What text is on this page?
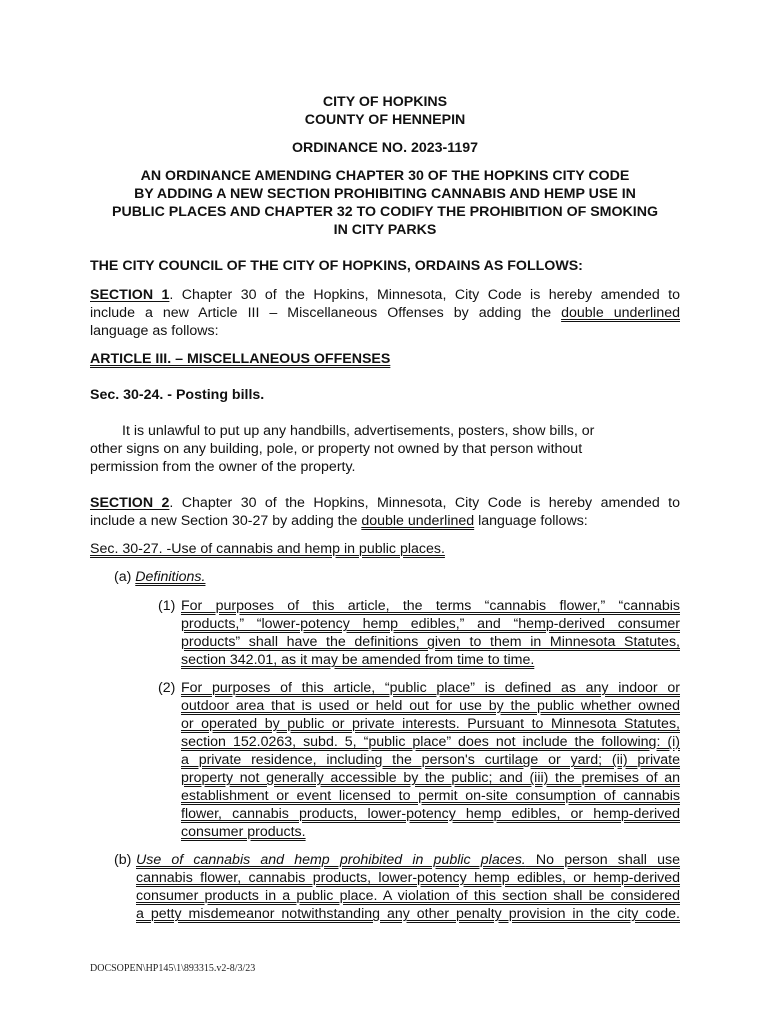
CITY OF HOPKINS
COUNTY OF HENNEPIN
ORDINANCE NO. 2023-1197
AN ORDINANCE AMENDING CHAPTER 30 OF THE HOPKINS CITY CODE
BY ADDING A NEW SECTION PROHIBITING CANNABIS AND HEMP USE IN
PUBLIC PLACES AND CHAPTER 32 TO CODIFY THE PROHIBITION OF SMOKING
IN CITY PARKS
THE CITY COUNCIL OF THE CITY OF HOPKINS, ORDAINS AS FOLLOWS:
SECTION 1. Chapter 30 of the Hopkins, Minnesota, City Code is hereby amended to
include a new Article III – Miscellaneous Offenses by adding the double underlined
language as follows:
ARTICLE III. – MISCELLANEOUS OFFENSES
Sec. 30-24. - Posting bills.
It is unlawful to put up any handbills, advertisements, posters, show bills, or
other signs on any building, pole, or property not owned by that person without
permission from the owner of the property.
SECTION 2. Chapter 30 of the Hopkins, Minnesota, City Code is hereby amended to
include a new Section 30-27 by adding the double underlined language follows:
Sec. 30-27. -Use of cannabis and hemp in public places.
(a) Definitions.
(1) For purposes of this article, the terms “cannabis flower,” “cannabis
products,” “lower-potency hemp edibles,” and “hemp-derived consumer
products” shall have the definitions given to them in Minnesota Statutes,
section 342.01, as it may be amended from time to time.
(2) For purposes of this article, “public place” is defined as any indoor or
outdoor area that is used or held out for use by the public whether owned
or operated by public or private interests. Pursuant to Minnesota Statutes,
section 152.0263, subd. 5, “public place” does not include the following: (i)
a private residence, including the person's curtilage or yard; (ii) private
property not generally accessible by the public; and (iii) the premises of an
establishment or event licensed to permit on-site consumption of cannabis
flower, cannabis products, lower-potency hemp edibles, or hemp-derived
consumer products.
(b) Use of cannabis and hemp prohibited in public places. No person shall use
cannabis flower, cannabis products, lower-potency hemp edibles, or hemp-derived
consumer products in a public place. A violation of this section shall be considered
a petty misdemeanor notwithstanding any other penalty provision in the city code.
DOCSOPEN\HP145\1\893315.v2-8/3/23
